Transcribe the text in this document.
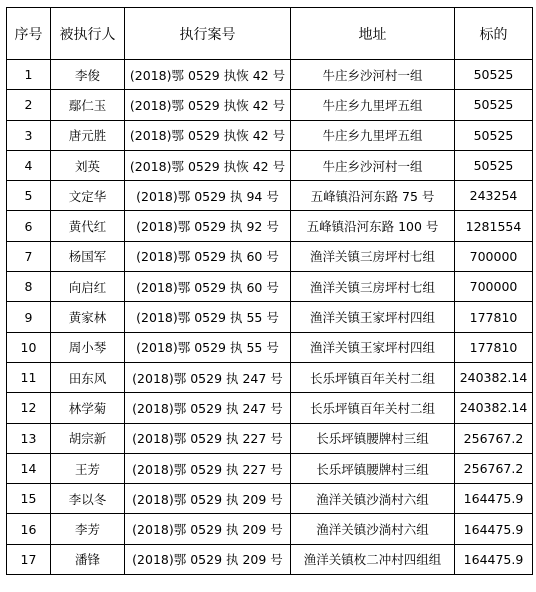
序号	被执行人	执行案号	地址	标的
1	李俊	(2018)鄂 0529 执恢 42 号	牛庄乡沙河村一组	50525
2	鄢仁玉	(2018)鄂 0529 执恢 42 号	牛庄乡九里坪五组	50525
3	唐元胜	(2018)鄂 0529 执恢 42 号	牛庄乡九里坪五组	50525
4	刘英	(2018)鄂 0529 执恢 42 号	牛庄乡沙河村一组	50525
5	文定华	(2018)鄂 0529 执 94 号	五峰镇沿河东路 75 号	243254
6	黄代红	(2018)鄂 0529 执 92 号	五峰镇沿河东路 100 号	1281554
7	杨国军	(2018)鄂 0529 执 60 号	渔洋关镇三房坪村七组	700000
8	向启红	(2018)鄂 0529 执 60 号	渔洋关镇三房坪村七组	700000
9	黄家林	(2018)鄂 0529 执 55 号	渔洋关镇王家坪村四组	177810
10	周小琴	(2018)鄂 0529 执 55 号	渔洋关镇王家坪村四组	177810
11	田东风	(2018)鄂 0529 执 247 号	长乐坪镇百年关村二组	240382.14
12	林学菊	(2018)鄂 0529 执 247 号	长乐坪镇百年关村二组	240382.14
13	胡宗新	(2018)鄂 0529 执 227 号	长乐坪镇腰牌村三组	256767.2
14	王芳	(2018)鄂 0529 执 227 号	长乐坪镇腰牌村三组	256767.2
15	李以冬	(2018)鄂 0529 执 209 号	渔洋关镇沙淌村六组	164475.9
16	李芳	(2018)鄂 0529 执 209 号	渔洋关镇沙淌村六组	164475.9
17	潘锋	(2018)鄂 0529 执 209 号	渔洋关镇枚二冲村四组组	164475.9
